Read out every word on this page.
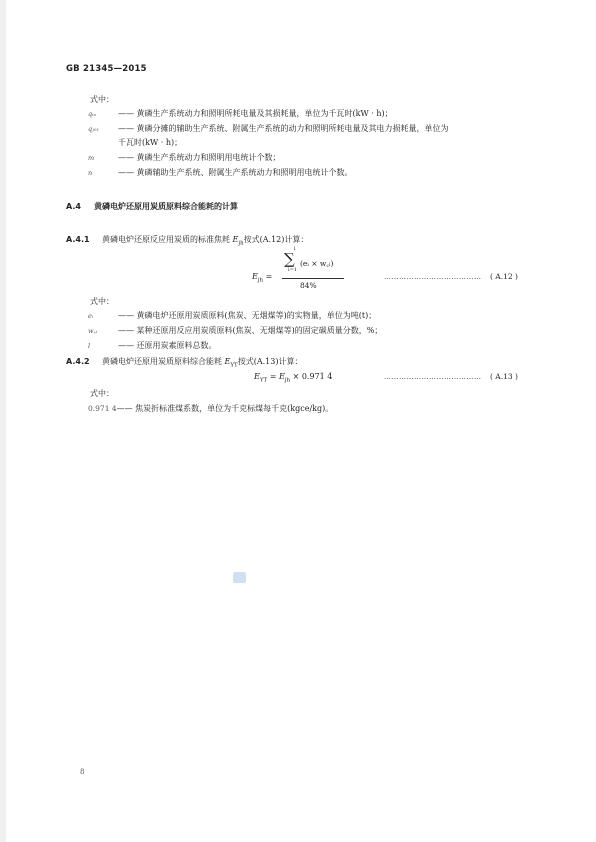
GB 21345—2015
式中：
qᵢₐ	—— 黄磷生产系统动力和照明所耗电量及其损耗量，单位为千瓦时(kW · h)；
qⱼ₀₁ —— 黄磷分摊的辅助生产系统、附属生产系统的动力和照明所耗电量及其电力损耗量，单位为
千瓦时(kW · h)；
m	—— 黄磷生产系统动力和照明用电统计个数；
n	—— 黄磷辅助生产系统、附属生产系统动力和照明用电统计个数。
A.4 黄磷电炉还原用炭质原料综合能耗的计算
A.4.1 黄磷电炉还原反应用炭质的标准焦耗 $E_{jh}$按式(A.12)计算：
$E_{jh}$ =
l
∑
i=1
(eᵢ × w꜀ᵢ)
84%
………………………………… ( A.12 )
式中：
eᵢ	—— 黄磷电炉还原用炭质原料(焦炭、无烟煤等)的实物量，单位为吨(t)；
w꜀ᵢ	—— 某种还原用反应用炭质原料(焦炭、无烟煤等)的固定碳质量分数，%；
l	—— 还原用炭素原料总数。
A.4.2 黄磷电炉还原用炭质原料综合能耗 $E_{YT}$按式(A.13)计算：
$E_{YT} = E_{jh} \times 0.971$ 4	………………………………… ( A.13 )
式中：
0.971 4—— 焦炭折标准煤系数，单位为千克标煤每千克(kgce/kg)。
8
